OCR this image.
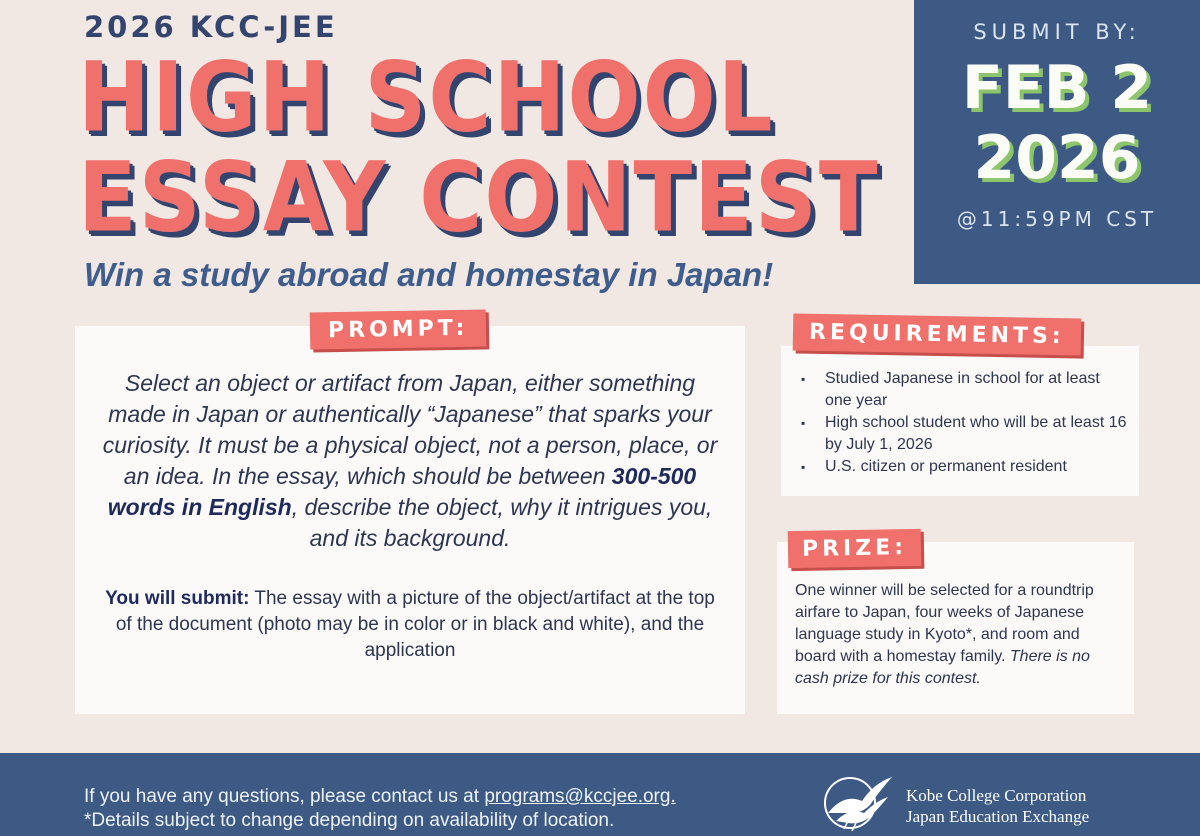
2026 KCC-JEE
HIGH SCHOOL
ESSAY CONTEST
Win a study abroad and homestay in Japan!
SUBMIT BY:
FEB 2
2026
@11:59PM CST

Select an object or artifact from Japan, either something made in Japan or authentically “Japanese” that sparks your curiosity. It must be a physical object, not a person, place, or an idea. In the essay, which should be between 300-500 words in English, describe the object, why it intrigues you, and its background.

You will submit: The essay with a picture of the object/artifact at the top of the document (photo may be in color or in black and white), and the application

PROMPT:
▪ Studied Japanese in school for at least one year
▪ High school student who will be at least 16 by July 1, 2026
▪ U.S. citizen or permanent resident
REQUIREMENTS:

One winner will be selected for a roundtrip airfare to Japan, four weeks of Japanese language study in Kyoto*, and room and board with a homestay family. There is no cash prize for this contest.

PRIZE:
If you have any questions, please contact us at programs@kccjee.org.
*Details subject to change depending on availability of location.
Kobe College Corporation
Japan Education Exchange
